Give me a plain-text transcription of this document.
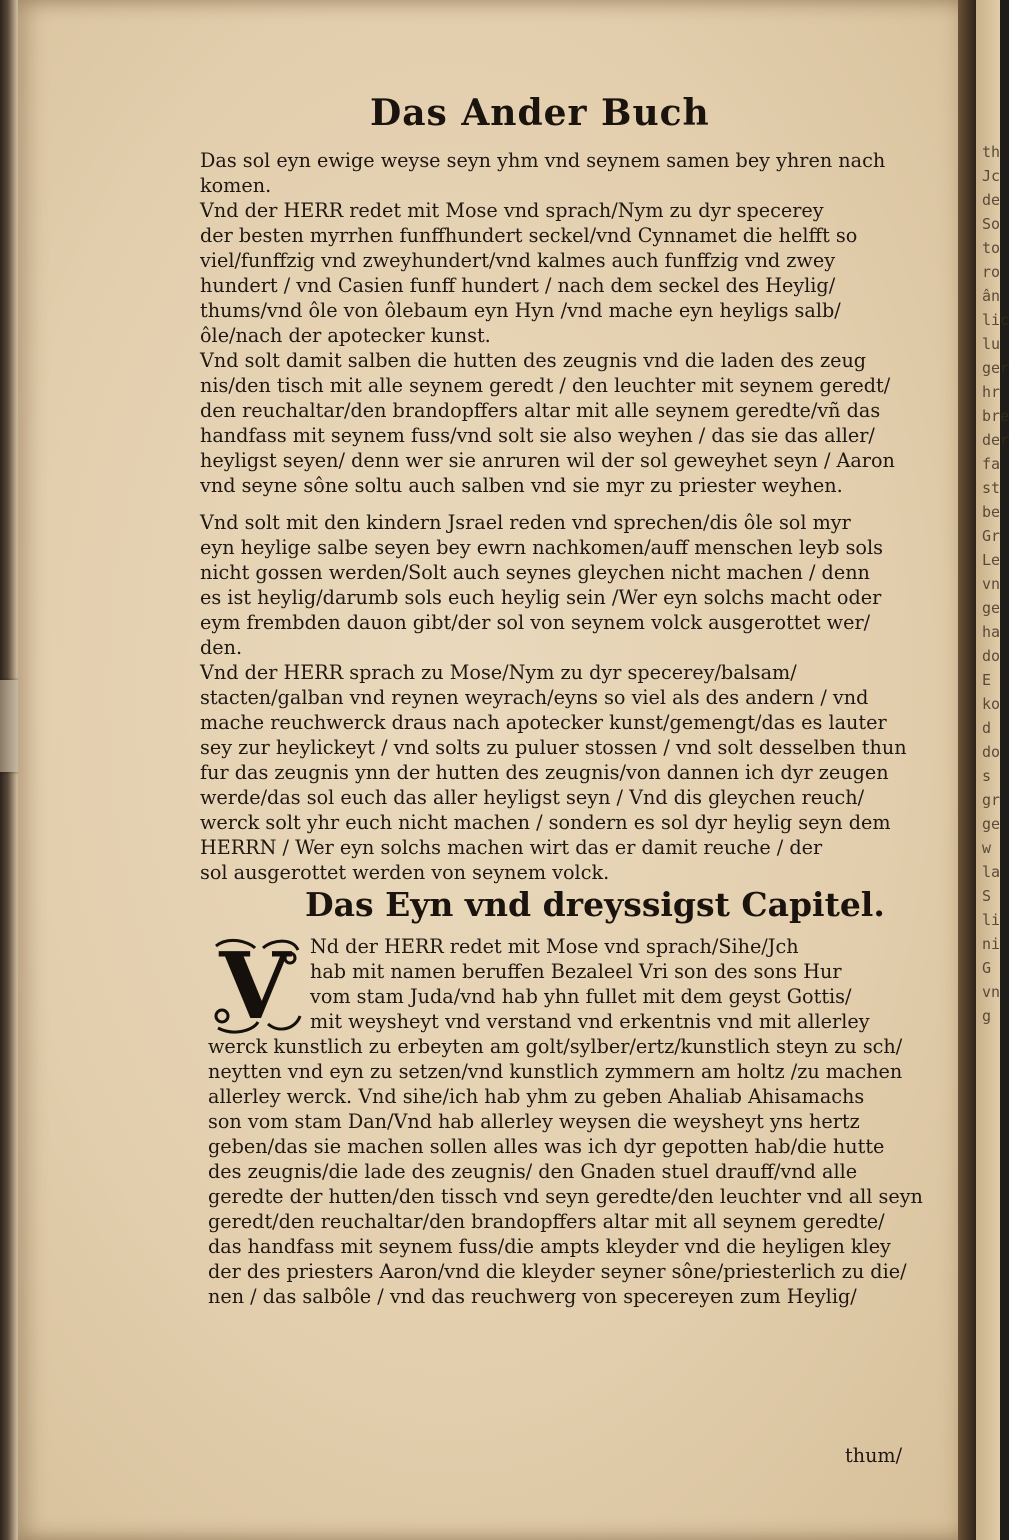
Das Ander Buch
Das sol eyn ewige weyse seyn yhm vnd seynem samen bey yhren nach
komen.
Vnd der HERR redet mit Mose vnd sprach/Nym zu dyr specerey
der besten myrrhen funffhundert seckel/vnd Cynnamet die helfft so
viel/funffzig vnd zweyhundert/vnd kalmes auch funffzig vnd zwey
hundert / vnd Casien funff hundert / nach dem seckel des Heylig/
thums/vnd ôle von ôlebaum eyn Hyn /vnd mache eyn heyligs salb/
ôle/nach der apotecker kunst.
Vnd solt damit salben die hutten des zeugnis vnd die laden des zeug
nis/den tisch mit alle seynem geredt / den leuchter mit seynem geredt/
den reuchaltar/den brandopffers altar mit alle seynem geredte/vñ das
handfass mit seynem fuss/vnd solt sie also weyhen / das sie das aller/
heyligst seyen/ denn wer sie anruren wil der sol geweyhet seyn / Aaron
vnd seyne sône soltu auch salben vnd sie myr zu priester weyhen.
Vnd solt mit den kindern Jsrael reden vnd sprechen/dis ôle sol myr
eyn heylige salbe seyen bey ewrn nachkomen/auff menschen leyb sols
nicht gossen werden/Solt auch seynes gleychen nicht machen / denn
es ist heylig/darumb sols euch heylig sein /Wer eyn solchs macht oder
eym frembden dauon gibt/der sol von seynem volck ausgerottet wer/
den.
Vnd der HERR sprach zu Mose/Nym zu dyr specerey/balsam/
stacten/galban vnd reynen weyrach/eyns so viel als des andern / vnd
mache reuchwerck draus nach apotecker kunst/gemengt/das es lauter
sey zur heylickeyt / vnd solts zu puluer stossen / vnd solt desselben thun
fur das zeugnis ynn der hutten des zeugnis/von dannen ich dyr zeugen
werde/das sol euch das aller heyligst seyn / Vnd dis gleychen reuch/
werck solt yhr euch nicht machen / sondern es sol dyr heylig seyn dem
HERRN / Wer eyn solchs machen wirt das er damit reuche / der
sol ausgerottet werden von seynem volck.
Das Eyn vnd dreyssigst Capitel.
V	Nd der HERR redet mit Mose vnd sprach/Sihe/Jch
hab mit namen beruffen Bezaleel Vri son des sons Hur
vom stam Juda/vnd hab yhn fullet mit dem geyst Gottis/
mit weysheyt vnd verstand vnd erkentnis vnd mit allerley
werck kunstlich zu erbeyten am golt/sylber/ertz/kunstlich steyn zu sch/
neytten vnd eyn zu setzen/vnd kunstlich zymmern am holtz /zu machen
allerley werck. Vnd sihe/ich hab yhm zu geben Ahaliab Ahisamachs
son vom stam Dan/Vnd hab allerley weysen die weysheyt yns hertz
geben/das sie machen sollen alles was ich dyr gepotten hab/die hutte
des zeugnis/die lade des zeugnis/ den Gnaden stuel drauff/vnd alle
geredte der hutten/den tissch vnd seyn geredte/den leuchter vnd all seyn
geredt/den reuchaltar/den brandopffers altar mit all seynem geredte/
das handfass mit seynem fuss/die ampts kleyder vnd die heyligen kley
der des priesters Aaron/vnd die kleyder seyner sône/priesterlich zu die/
nen / das salbôle / vnd das reuchwerg von specereyen zum Heylig/
thum/
th
Jc
de
So
to
ro
ân
lic
lu
ger
hr
bre
der
fa
st
be
Gr
Le
vn
ge
ha
do
E
ko
d
do
s
gr
ge
w
la
S
li
ni
G
vn
g
